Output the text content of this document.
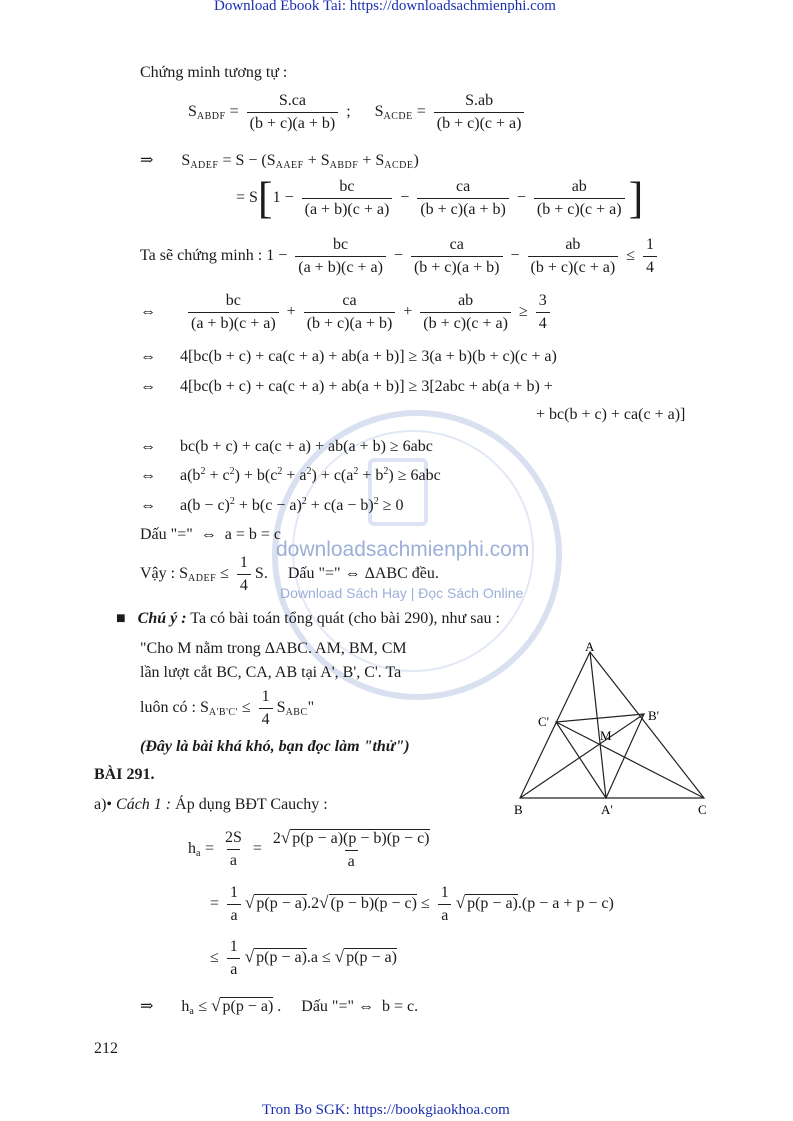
Download Ebook Tai: https://downloadsachmienphi.com
Tron Bo SGK: https://bookgiaokhoa.com
downloadsachmienphi.com
Download Sách Hay | Đọc Sách Online
Chứng minh tương tự :
$S_{ABDF} = \frac{S.ca}{(b + c)(a + b)}$ ;      $S_{ACDE} = \frac{S.ab}{(b + c)(c + a)}$
⇒       $S_{ADEF} = S - (S_{AAEF} + S_{ABDF} + S_{ACDE})$
= $S[1 - \frac{bc}{(a + b)(c + a)} - \frac{ca}{(b + c)(a + b)} - \frac{ab}{(b + c)(c + a)}$ ]
Ta sẽ chứng minh : $1 - \frac{bc}{(a + b)(c + a)} - \frac{ca}{(b + c)(a + b)} - \frac{ab}{(b + c)(c + a)} \le \frac{1}{4}$
⇔ $\frac{bc}{(a + b)(c + a)} + \frac{ca}{(b + c)(a + b)} + \frac{ab}{(b + c)(c + a)} \ge \frac{3}{4}$
⇔      4[bc(b + c) + ca(c + a) + ab(a + b)] ≥ 3(a + b)(b + c)(c + a)
⇔      4[bc(b + c) + ca(c + a) + ab(a + b)] ≥ 3[2abc + ab(a + b) +
+ bc(b + c) + ca(c + a)]
⇔      bc(b + c) + ca(c + a) + ab(a + b) ≥ 6abc
⇔      $a(b^2 + c^2) + b(c^2 + a^2) + c(a^2 + b^2) \ge 6abc$
⇔      $a(b - c)^2 + b(c - a)^2 + c(a - b)^2 \ge 0$
Dấu "="  ⇔  a = b = c
Vậy : $S_{ADEF} \le \frac{1}{4} S$.     Dấu "=" ⇔ ΔABC đều.
■ Chú ý : Ta có bài toán tổng quát (cho bài 290), như sau :
"Cho M nằm trong ΔABC. AM, BM, CM
lần lượt cắt BC, CA, AB tại A', B', C'. Ta
luôn có : $S_{A'B'C'} \le \frac{1}{4} S_{ABC}$"
(Đây là bài khá khó, bạn đọc làm "thử")
A
B	C
A'
B'
C'
M
BÀI 291.
a)• Cách 1 : Áp dụng BĐT Cauchy :
$h_a = \frac{2S}{a} = \frac{2√ p(p - a)(p - b)(p - c)}{a}$
= $\frac{1}{a}$ √ p(p − a).2√ $(p - b)(p - c) \le \frac{1}{a}$ √ p(p − a).(p − a + p − c)
≤ $\frac{1}{a}$ √ p(p − a).a ≤ √ p(p − a)
⇒       $h_a$ ≤ √ p(p − a) .     Dấu "=" ⇔  b = c.
212
